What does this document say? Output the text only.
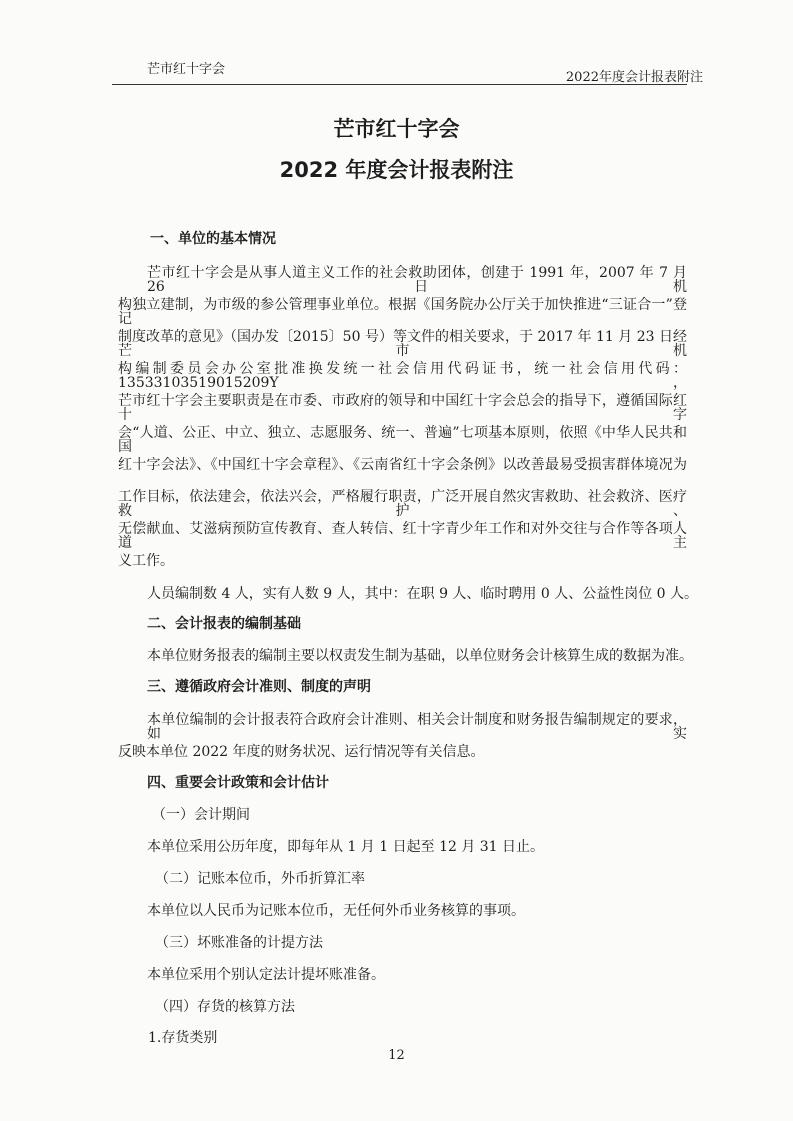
芒市红十字会
2022年度会计报表附注
芒市红十字会
2022 年度会计报表附注
一、单位的基本情况
芒市红十字会是从事人道主义工作的社会救助团体，创建于 1991 年，2007 年 7 月 26 日机
构独立建制，为市级的参公管理事业单位。根据《国务院办公厅关于加快推进“三证合一”登记
制度改革的意见》（国办发〔2015〕50 号）等文件的相关要求，于 2017 年 11 月 23 日经芒市机
构编制委员会办公室批准换发统一社会信用代码证书，统一社会信用代码：13533103519015209Y，
芒市红十字会主要职责是在市委、市政府的领导和中国红十字会总会的指导下，遵循国际红十字
会“人道、公正、中立、独立、志愿服务、统一、普遍”七项基本原则，依照《中华人民共和国
红十字会法》、《中国红十字会章程》、《云南省红十字会条例》以改善最易受损害群体境况为
工作目标，依法建会，依法兴会，严格履行职责，广泛开展自然灾害救助、社会救济、医疗救护、
无偿献血、艾滋病预防宣传教育、查人转信、红十字青少年工作和对外交往与合作等各项人道主
义工作。
人员编制数 4 人，实有人数 9 人，其中：在职 9 人、临时聘用 0 人、公益性岗位 0 人。
二、会计报表的编制基础
本单位财务报表的编制主要以权责发生制为基础，以单位财务会计核算生成的数据为准。
三、遵循政府会计准则、制度的声明
本单位编制的会计报表符合政府会计准则、相关会计制度和财务报告编制规定的要求，如实
反映本单位 2022 年度的财务状况、运行情况等有关信息。
四、重要会计政策和会计估计
（一）会计期间
本单位采用公历年度，即每年从 1 月 1 日起至 12 月 31 日止。
（二）记账本位币，外币折算汇率
本单位以人民币为记账本位币，无任何外币业务核算的事项。
（三）坏账准备的计提方法
本单位采用个别认定法计提坏账准备。
（四）存货的核算方法
1.存货类别
12
